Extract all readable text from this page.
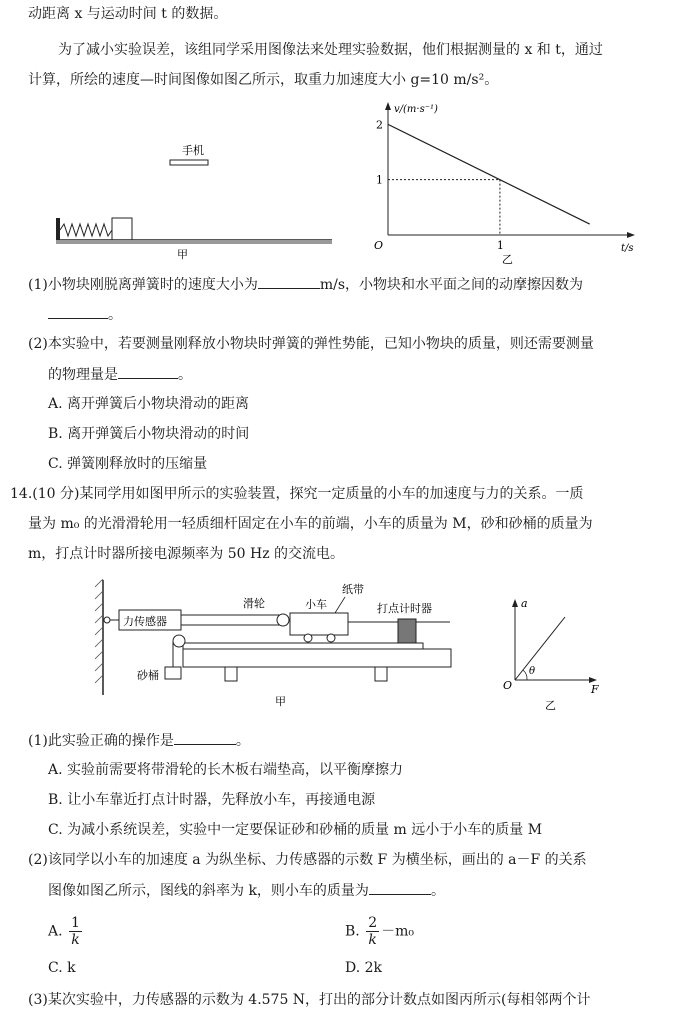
动距离 x 与运动时间 t 的数据。
为了减小实验误差，该组同学采用图像法来处理实验数据，他们根据测量的 x 和 t，通过
计算，所绘的速度—时间图像如图乙所示，取重力加速度大小 g=10 m/s²。
手机
甲
v/(m·s⁻¹)
t/s
O
2
1
1
乙
(1)小物块刚脱离弹簧时的速度大小为	m/s，小物块和水平面之间的动摩擦因数为
。
(2)本实验中，若要测量刚释放小物块时弹簧的弹性势能，已知小物块的质量，则还需要测量
的物理量是	。
A. 离开弹簧后小物块滑动的距离
B. 离开弹簧后小物块滑动的时间
C. 弹簧刚释放时的压缩量
14.(10 分)某同学用如图甲所示的实验装置，探究一定质量的小车的加速度与力的关系。一质
量为 m₀ 的光滑滑轮用一轻质细杆固定在小车的前端，小车的质量为 M，砂和砂桶的质量为
m，打点计时器所接电源频率为 50 Hz 的交流电。
力传感器
滑轮	小车
纸带
打点计时器
砂桶
甲
a
F
O
θ
乙
(1)此实验正确的操作是	。
A. 实验前需要将带滑轮的长木板右端垫高，以平衡摩擦力
B. 让小车靠近打点计时器，先释放小车，再接通电源
C. 为减小系统误差，实验中一定要保证砂和砂桶的质量 m 远小于小车的质量 M
(2)该同学以小车的加速度 a 为纵坐标、力传感器的示数 F 为横坐标，画出的 a－F 的关系
图像如图乙所示，图线的斜率为 k，则小车的质量为	。
A. $\frac{1}{k}$	B. $\frac{2}{k} -m_0$
C. k	D. 2k
(3)某次实验中，力传感器的示数为 4.575 N，打出的部分计数点如图丙所示(每相邻两个计
